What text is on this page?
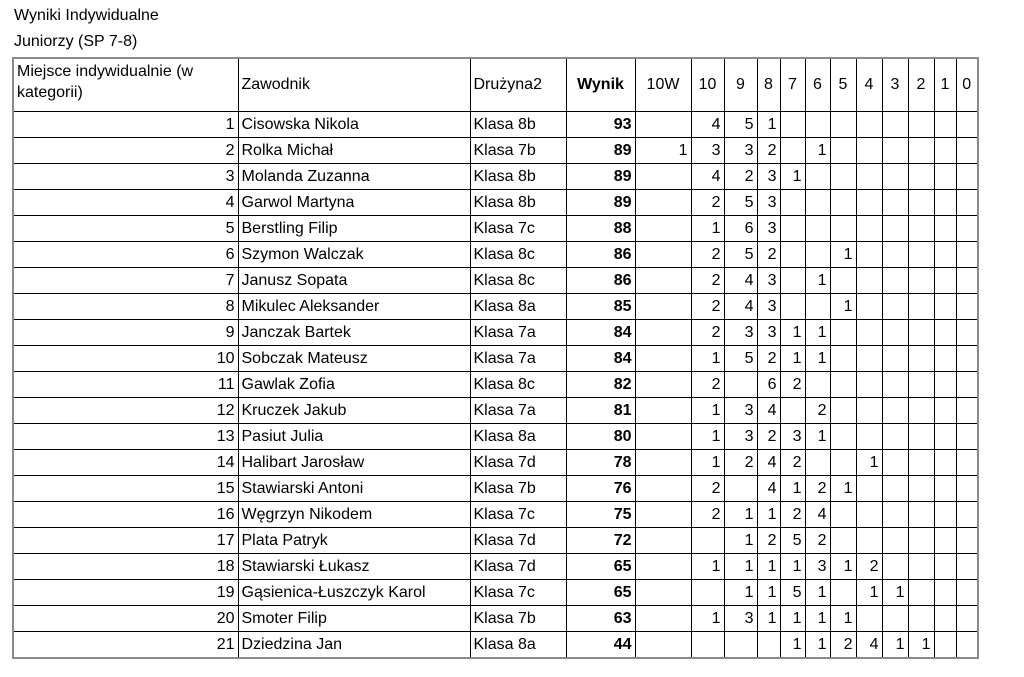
Wyniki Indywidualne
Juniorzy (SP 7-8)
Miejsce indywidualnie (w kategorii)	Zawodnik	Drużyna2	Wynik	10W	10	9	8	7	6	5	4	3	2	1	0
1	Cisowska Nikola	Klasa 8b	93		4	5	1								
2	Rolka Michał	Klasa 7b	89	1	3	3	2		1						
3	Molanda Zuzanna	Klasa 8b	89		4	2	3	1							
4	Garwol Martyna	Klasa 8b	89		2	5	3								
5	Berstling Filip	Klasa 7c	88		1	6	3								
6	Szymon Walczak	Klasa 8c	86		2	5	2			1					
7	Janusz Sopata	Klasa 8c	86		2	4	3		1						
8	Mikulec Aleksander	Klasa 8a	85		2	4	3			1					
9	Janczak Bartek	Klasa 7a	84		2	3	3	1	1						
10	Sobczak Mateusz	Klasa 7a	84		1	5	2	1	1						
11	Gawlak Zofia	Klasa 8c	82		2		6	2							
12	Kruczek Jakub	Klasa 7a	81		1	3	4		2						
13	Pasiut Julia	Klasa 8a	80		1	3	2	3	1						
14	Halibart Jarosław	Klasa 7d	78		1	2	4	2			1				
15	Stawiarski Antoni	Klasa 7b	76		2		4	1	2	1					
16	Węgrzyn Nikodem	Klasa 7c	75		2	1	1	2	4						
17	Plata Patryk	Klasa 7d	72			1	2	5	2						
18	Stawiarski Łukasz	Klasa 7d	65		1	1	1	1	3	1	2				
19	Gąsienica-Łuszczyk Karol	Klasa 7c	65			1	1	5	1		1	1			
20	Smoter Filip	Klasa 7b	63		1	3	1	1	1	1					
21	Dziedzina Jan	Klasa 8a	44					1	1	2	4	1	1		
